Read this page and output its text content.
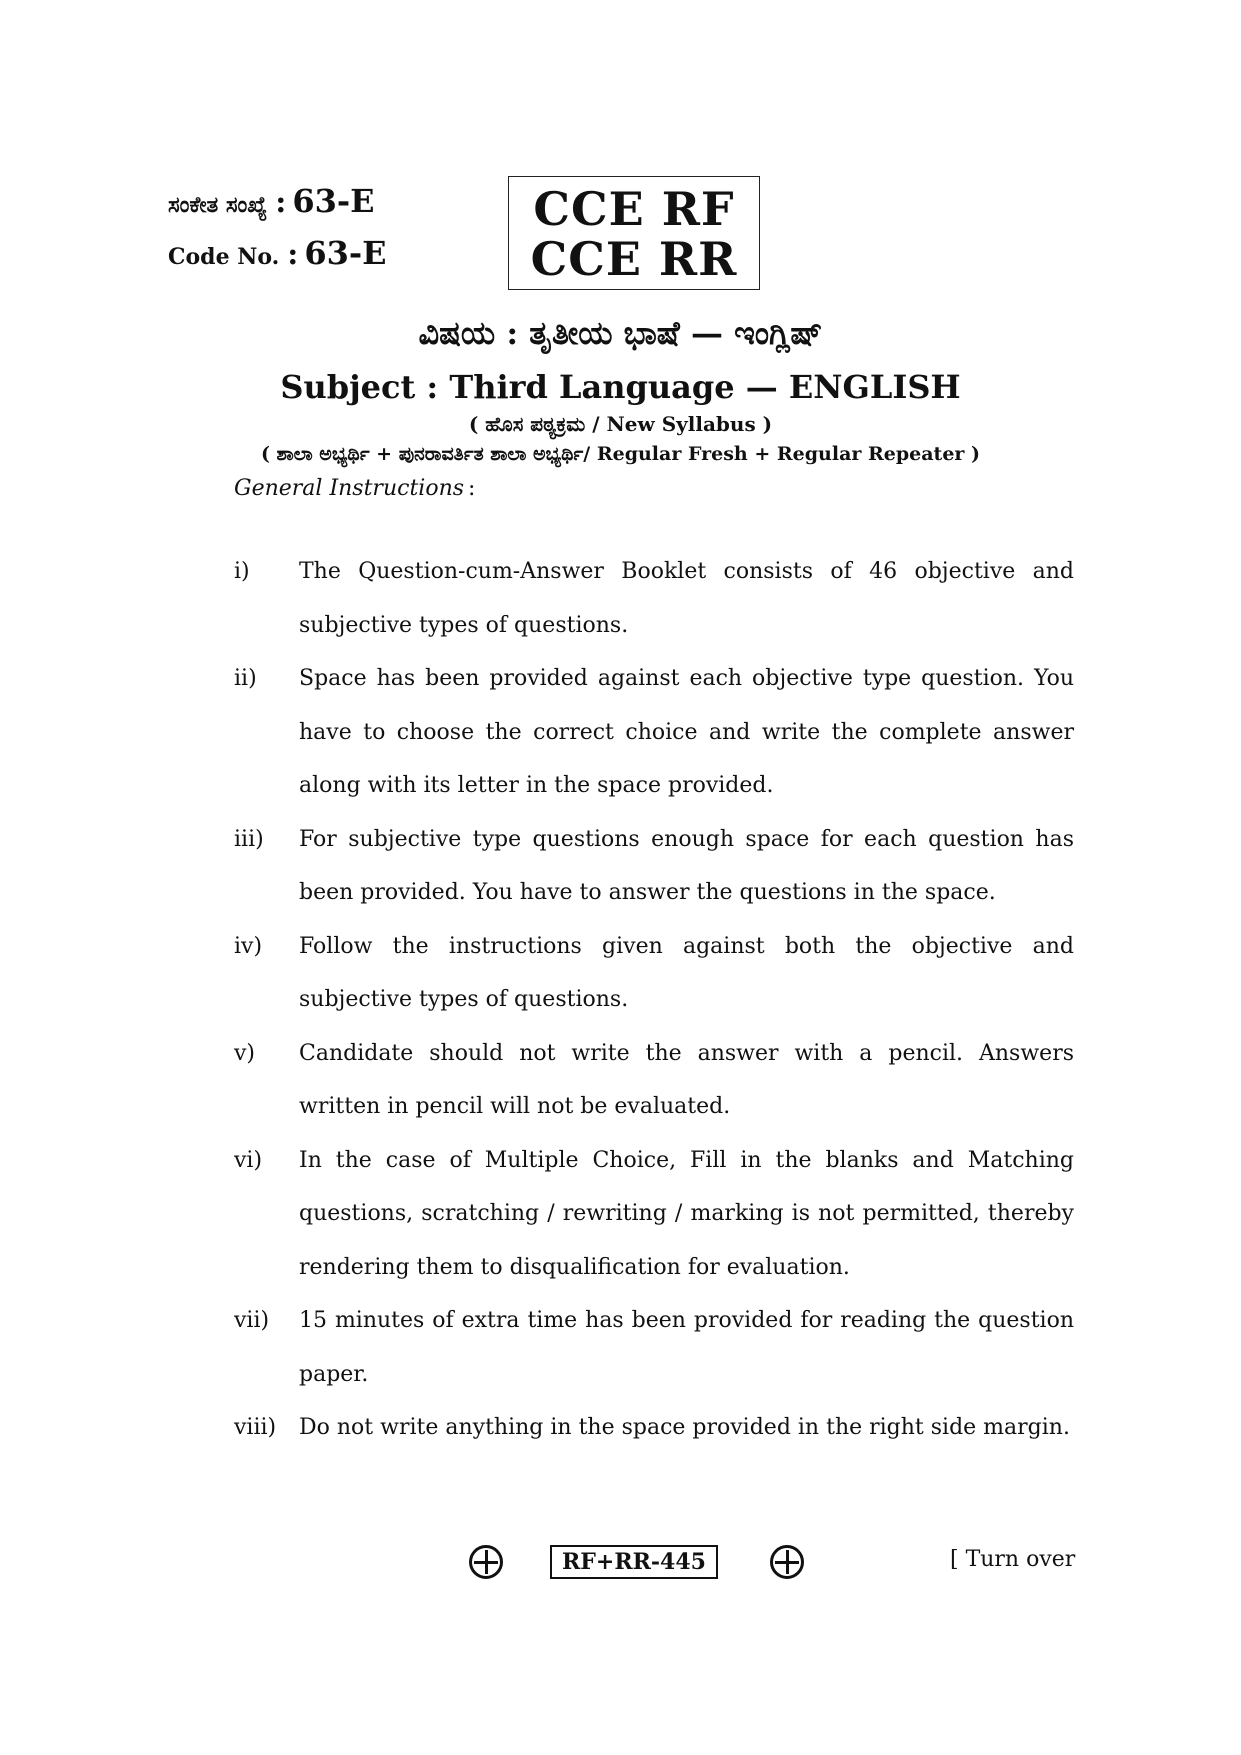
ಸಂಕೇತ ಸಂಖ್ಯೆ : 63-E
Code No. : 63-E
CCE RF
CCE RR
ವಿಷಯ : ತೃತೀಯ ಭಾಷೆ — ಇಂಗ್ಲಿಷ್
Subject : Third Language — ENGLISH
( ಹೊಸ ಪಠ್ಯಕ್ರಮ / New Syllabus )
( ಶಾಲಾ ಅಭ್ಯರ್ಥಿ + ಪುನರಾವರ್ತಿತ ಶಾಲಾ ಅಭ್ಯರ್ಥಿ/ Regular Fresh + Regular Repeater )
General Instructions :
i)	The Question-cum-Answer Booklet consists of 46 objective and subjective types of questions.
ii)	Space has been provided against each objective type question. You have to choose the correct choice and write the complete answer along with its letter in the space provided.
iii)	For subjective type questions enough space for each question has been provided. You have to answer the questions in the space.
iv)	Follow the instructions given against both the objective and subjective types of questions.
v)	Candidate should not write the answer with a pencil. Answers written in pencil will not be evaluated.
vi)	In the case of Multiple Choice, Fill in the blanks and Matching questions, scratching / rewriting / marking is not permitted, thereby rendering them to disqualification for evaluation.
vii)	15 minutes of extra time has been provided for reading the question paper.
viii)	Do not write anything in the space provided in the right side margin.
RF+RR-445	[ Turn over
